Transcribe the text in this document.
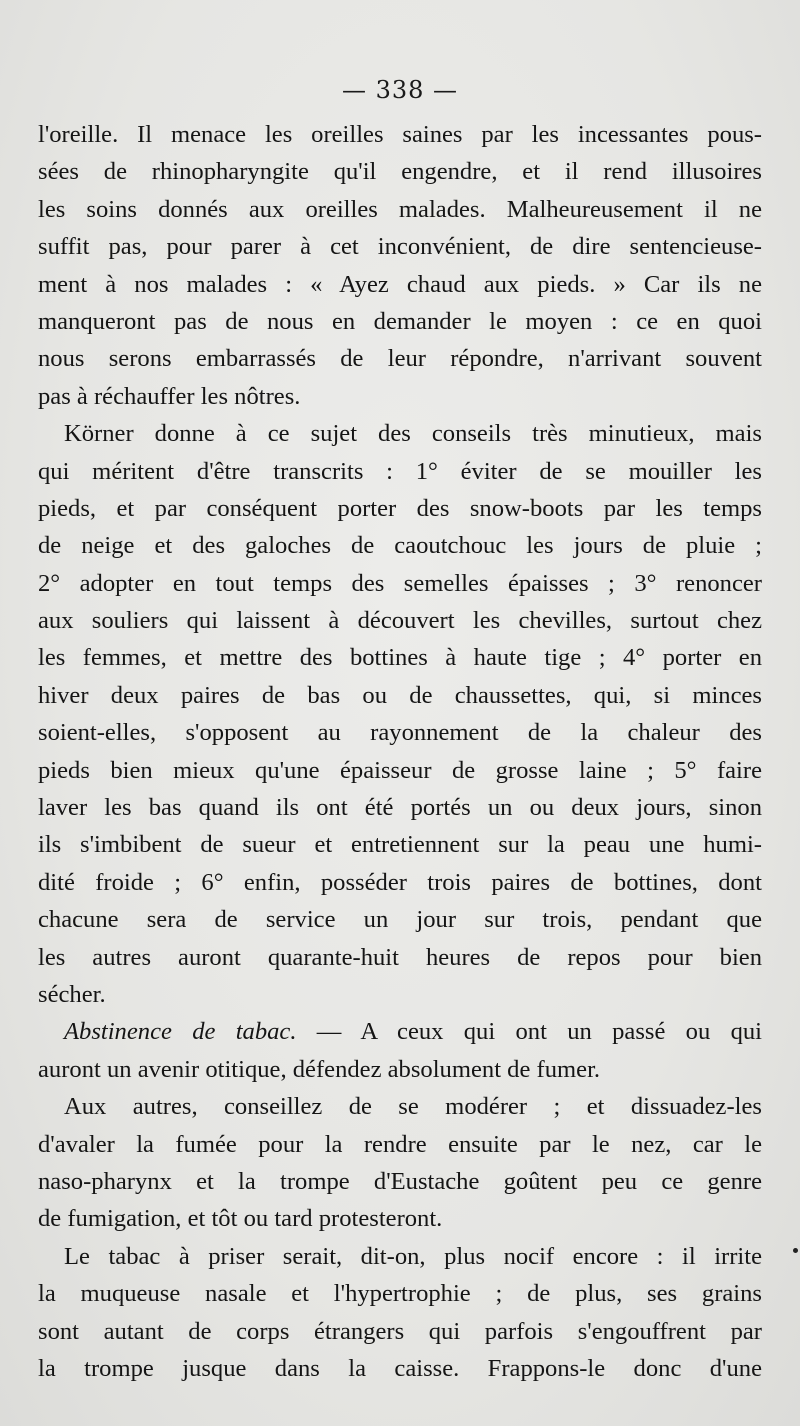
— 338 —
l'oreille. Il menace les oreilles saines par les incessantes pous-
sées de rhinopharyngite qu'il engendre, et il rend illusoires
les soins donnés aux oreilles malades. Malheureusement il ne
suffit pas, pour parer à cet inconvénient, de dire sentencieuse-
ment à nos malades : « Ayez chaud aux pieds. » Car ils ne
manqueront pas de nous en demander le moyen : ce en quoi
nous serons embarrassés de leur répondre, n'arrivant souvent
pas à réchauffer les nôtres.
Körner donne à ce sujet des conseils très minutieux, mais
qui méritent d'être transcrits : 1° éviter de se mouiller les
pieds, et par conséquent porter des snow-boots par les temps
de neige et des galoches de caoutchouc les jours de pluie ;
2° adopter en tout temps des semelles épaisses ; 3° renoncer
aux souliers qui laissent à découvert les chevilles, surtout chez
les femmes, et mettre des bottines à haute tige ; 4° porter en
hiver deux paires de bas ou de chaussettes, qui, si minces
soient-elles, s'opposent au rayonnement de la chaleur des
pieds bien mieux qu'une épaisseur de grosse laine ; 5° faire
laver les bas quand ils ont été portés un ou deux jours, sinon
ils s'imbibent de sueur et entretiennent sur la peau une humi-
dité froide ; 6° enfin, posséder trois paires de bottines, dont
chacune sera de service un jour sur trois, pendant que
les autres auront quarante-huit heures de repos pour bien
sécher.
Abstinence de tabac. — A ceux qui ont un passé ou qui
auront un avenir otitique, défendez absolument de fumer.
Aux autres, conseillez de se modérer ; et dissuadez-les
d'avaler la fumée pour la rendre ensuite par le nez, car le
naso-pharynx et la trompe d'Eustache goûtent peu ce genre
de fumigation, et tôt ou tard protesteront.
Le tabac à priser serait, dit-on, plus nocif encore : il irrite
la muqueuse nasale et l'hypertrophie ; de plus, ses grains
sont autant de corps étrangers qui parfois s'engouffrent par
la trompe jusque dans la caisse. Frappons-le donc d'une
